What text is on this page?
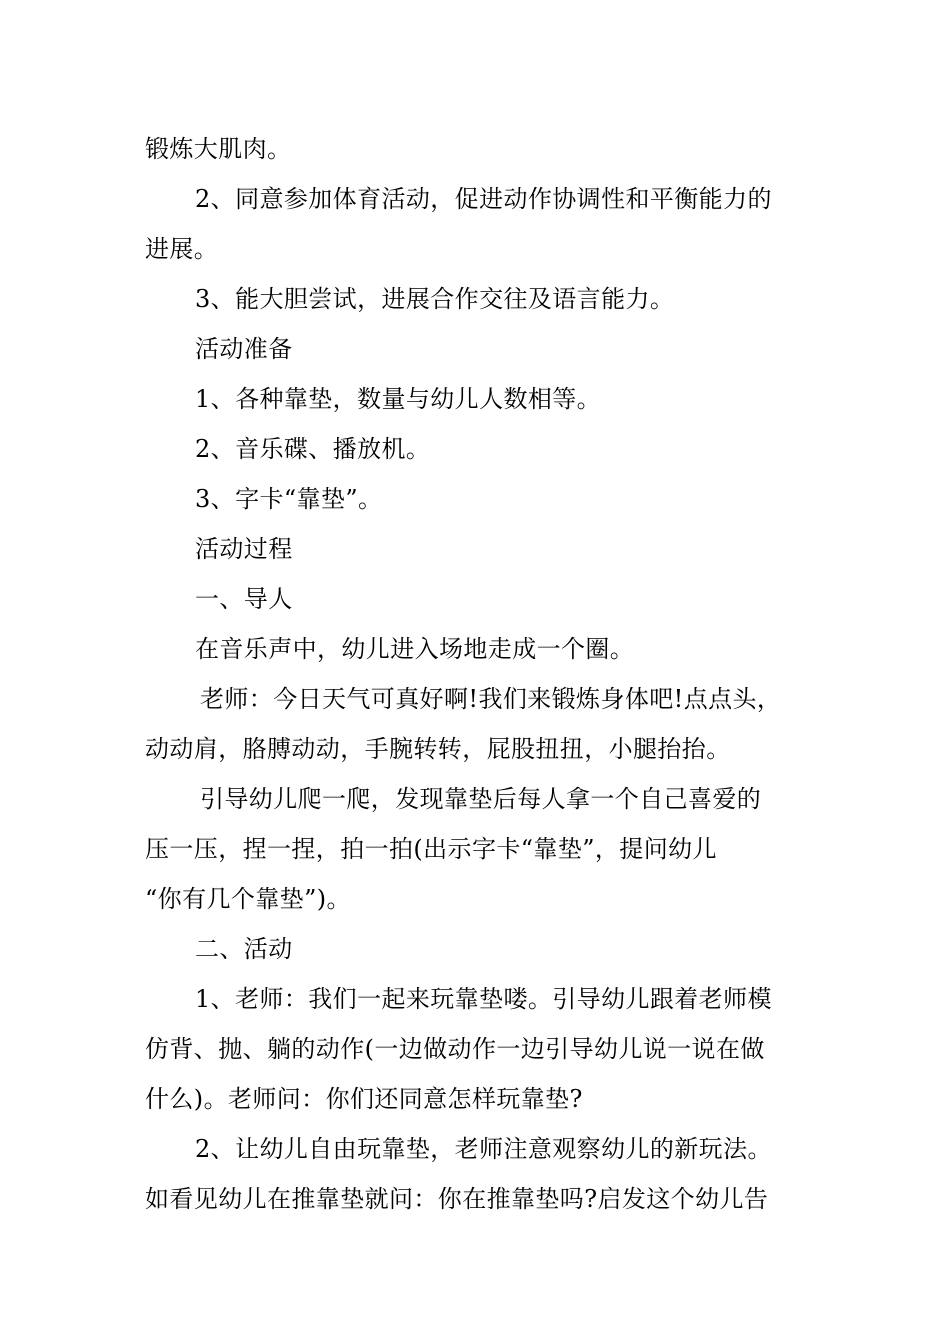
锻炼大肌肉。
2、同意参加体育活动，促进动作协调性和平衡能力的
进展。
3、能大胆尝试，进展合作交往及语言能力。
活动准备
1、各种靠垫，数量与幼儿人数相等。
2、音乐碟、播放机。
3、字卡“靠垫”。
活动过程
一、导人
在音乐声中，幼儿进入场地走成一个圈。
老师：今日天气可真好啊!我们来锻炼身体吧!点点头，
动动肩，胳膊动动，手腕转转，屁股扭扭，小腿抬抬。
引导幼儿爬一爬，发现靠垫后每人拿一个自己喜爱的
压一压，捏一捏，拍一拍(出示字卡“靠垫”，提问幼儿
“你有几个靠垫”)。
二、活动
1、老师：我们一起来玩靠垫喽。引导幼儿跟着老师模
仿背、抛、躺的动作(一边做动作一边引导幼儿说一说在做
什么)。老师问：你们还同意怎样玩靠垫?
2、让幼儿自由玩靠垫，老师注意观察幼儿的新玩法。
如看见幼儿在推靠垫就问：你在推靠垫吗?启发这个幼儿告
